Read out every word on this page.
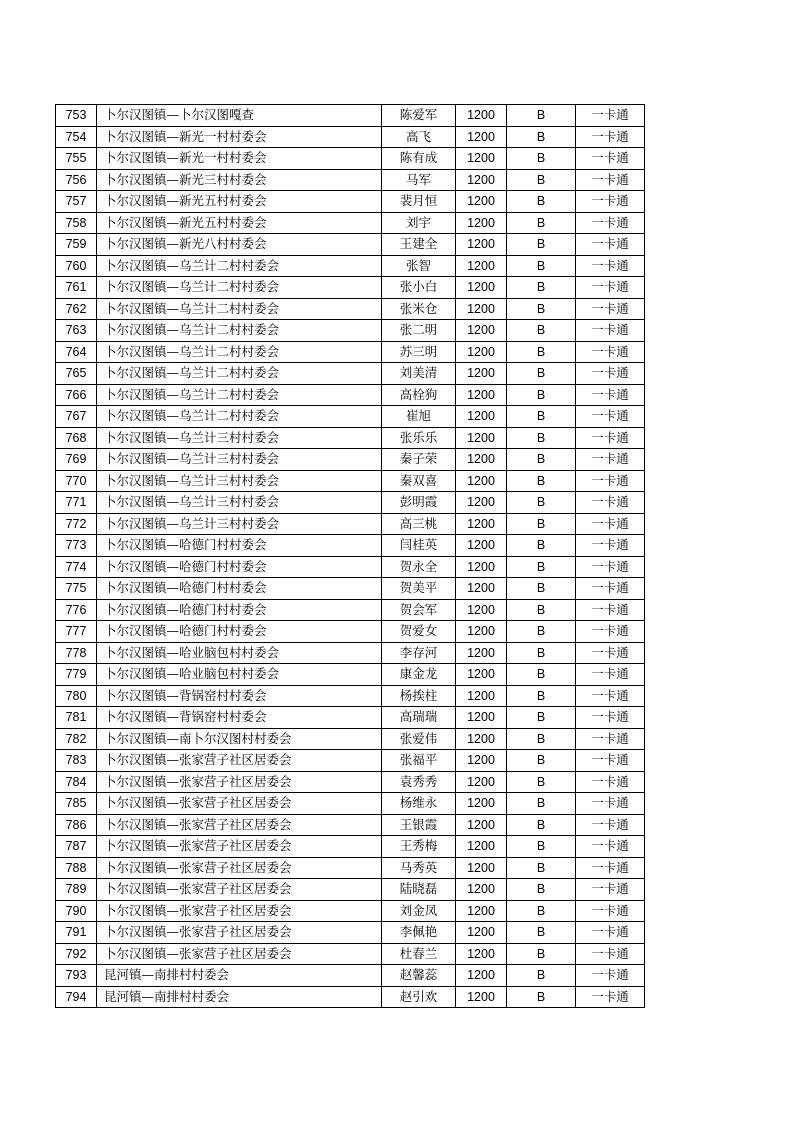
753	卜尔汉图镇—卜尔汉图嘎查	陈爱军	1200	B	一卡通
754	卜尔汉图镇—新光一村村委会	高飞	1200	B	一卡通
755	卜尔汉图镇—新光一村村委会	陈有成	1200	B	一卡通
756	卜尔汉图镇—新光三村村委会	马军	1200	B	一卡通
757	卜尔汉图镇—新光五村村委会	裴月恒	1200	B	一卡通
758	卜尔汉图镇—新光五村村委会	刘宇	1200	B	一卡通
759	卜尔汉图镇—新光八村村委会	王建全	1200	B	一卡通
760	卜尔汉图镇—乌兰计二村村委会	张智	1200	B	一卡通
761	卜尔汉图镇—乌兰计二村村委会	张小白	1200	B	一卡通
762	卜尔汉图镇—乌兰计二村村委会	张米仓	1200	B	一卡通
763	卜尔汉图镇—乌兰计二村村委会	张二明	1200	B	一卡通
764	卜尔汉图镇—乌兰计二村村委会	苏三明	1200	B	一卡通
765	卜尔汉图镇—乌兰计二村村委会	刘美清	1200	B	一卡通
766	卜尔汉图镇—乌兰计二村村委会	高栓狗	1200	B	一卡通
767	卜尔汉图镇—乌兰计二村村委会	崔旭	1200	B	一卡通
768	卜尔汉图镇—乌兰计三村村委会	张乐乐	1200	B	一卡通
769	卜尔汉图镇—乌兰计三村村委会	秦子荣	1200	B	一卡通
770	卜尔汉图镇—乌兰计三村村委会	秦双喜	1200	B	一卡通
771	卜尔汉图镇—乌兰计三村村委会	彭明霞	1200	B	一卡通
772	卜尔汉图镇—乌兰计三村村委会	高三桃	1200	B	一卡通
773	卜尔汉图镇—哈德门村村委会	闫桂英	1200	B	一卡通
774	卜尔汉图镇—哈德门村村委会	贺永全	1200	B	一卡通
775	卜尔汉图镇—哈德门村村委会	贺美平	1200	B	一卡通
776	卜尔汉图镇—哈德门村村委会	贺会军	1200	B	一卡通
777	卜尔汉图镇—哈德门村村委会	贺爱女	1200	B	一卡通
778	卜尔汉图镇—哈业脑包村村委会	李存河	1200	B	一卡通
779	卜尔汉图镇—哈业脑包村村委会	康金龙	1200	B	一卡通
780	卜尔汉图镇—背锅窑村村委会	杨挨柱	1200	B	一卡通
781	卜尔汉图镇—背锅窑村村委会	高瑞瑞	1200	B	一卡通
782	卜尔汉图镇—南卜尔汉图村村委会	张爱伟	1200	B	一卡通
783	卜尔汉图镇—张家营子社区居委会	张福平	1200	B	一卡通
784	卜尔汉图镇—张家营子社区居委会	袁秀秀	1200	B	一卡通
785	卜尔汉图镇—张家营子社区居委会	杨维永	1200	B	一卡通
786	卜尔汉图镇—张家营子社区居委会	王银霞	1200	B	一卡通
787	卜尔汉图镇—张家营子社区居委会	王秀梅	1200	B	一卡通
788	卜尔汉图镇—张家营子社区居委会	马秀英	1200	B	一卡通
789	卜尔汉图镇—张家营子社区居委会	陆晓磊	1200	B	一卡通
790	卜尔汉图镇—张家营子社区居委会	刘金凤	1200	B	一卡通
791	卜尔汉图镇—张家营子社区居委会	李佩艳	1200	B	一卡通
792	卜尔汉图镇—张家营子社区居委会	杜春兰	1200	B	一卡通
793	昆河镇—南排村村委会	赵馨蕊	1200	B	一卡通
794	昆河镇—南排村村委会	赵引欢	1200	B	一卡通
